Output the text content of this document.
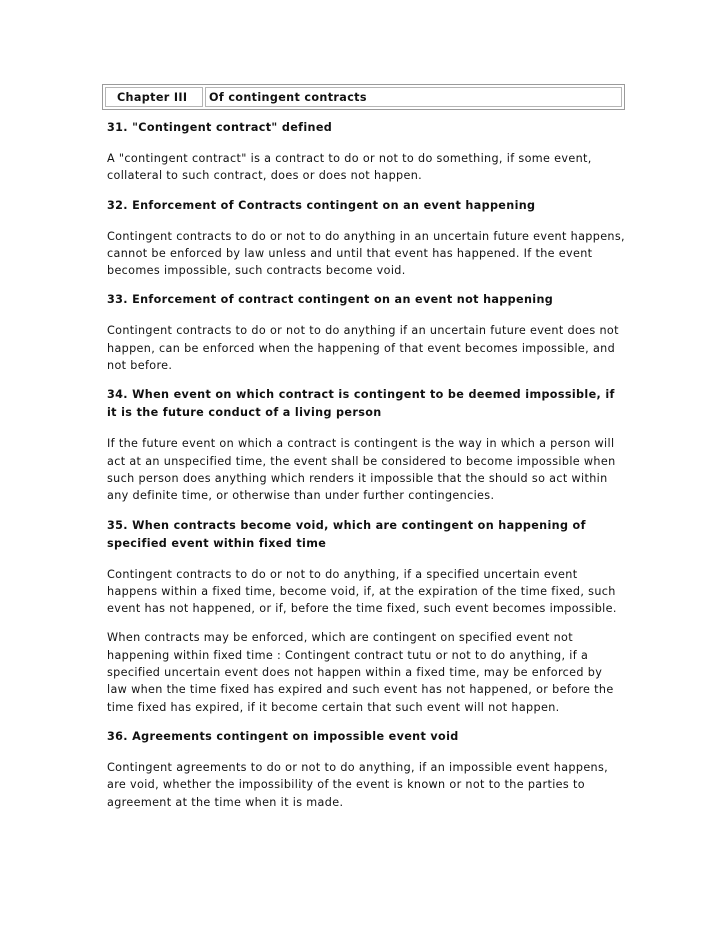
Chapter III	Of contingent contracts
31. "Contingent contract" defined
A "contingent contract" is a contract to do or not to do something, if some event, collateral to such contract, does or does not happen.
32. Enforcement of Contracts contingent on an event happening
Contingent contracts to do or not to do anything in an uncertain future event happens, cannot be enforced by law unless and until that event has happened. If the event becomes impossible, such contracts become void.
33. Enforcement of contract contingent on an event not happening
Contingent contracts to do or not to do anything if an uncertain future event does not happen, can be enforced when the happening of that event becomes impossible, and not before.
34. When event on which contract is contingent to be deemed impossible, if it is the future conduct of a living person
If the future event on which a contract is contingent is the way in which a person will act at an unspecified time, the event shall be considered to become impossible when such person does anything which renders it impossible that the should so act within any definite time, or otherwise than under further contingencies.
35. When contracts become void, which are contingent on happening of specified event within fixed time
Contingent contracts to do or not to do anything, if a specified uncertain event happens within a fixed time, become void, if, at the expiration of the time fixed, such event has not happened, or if, before the time fixed, such event becomes impossible.
When contracts may be enforced, which are contingent on specified event not happening within fixed time : Contingent contract tutu or not to do anything, if a specified uncertain event does not happen within a fixed time, may be enforced by law when the time fixed has expired and such event has not happened, or before the time fixed has expired, if it become certain that such event will not happen.
36. Agreements contingent on impossible event void
Contingent agreements to do or not to do anything, if an impossible event happens, are void, whether the impossibility of the event is known or not to the parties to agreement at the time when it is made.
